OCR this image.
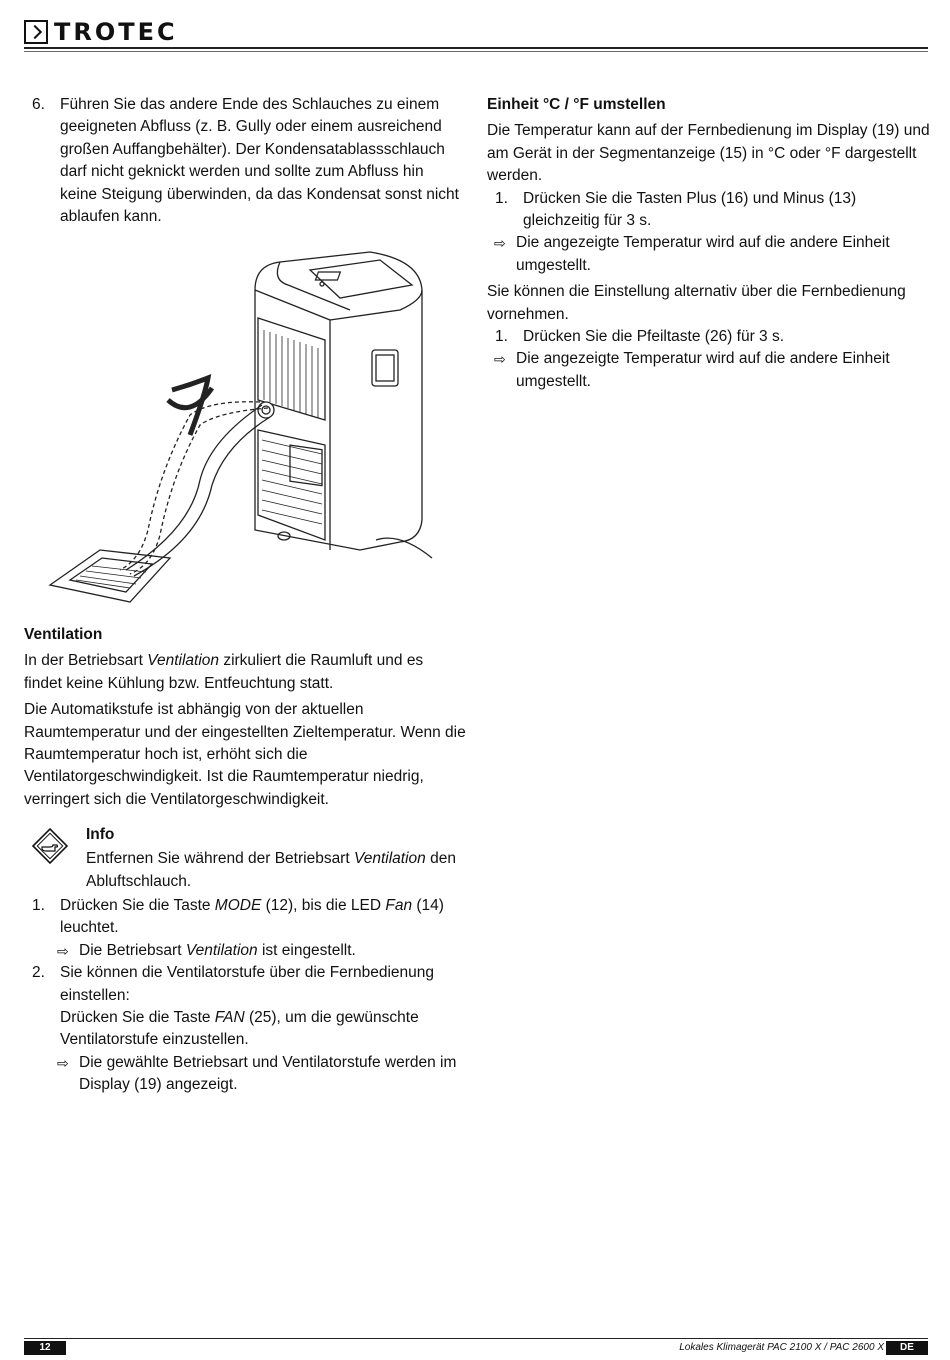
TROTEC
6. Führen Sie das andere Ende des Schlauches zu einem
geeigneten Abfluss (z. B. Gully oder einem ausreichend
großen Auffangbehälter). Der Kondensatablassschlauch
darf nicht geknickt werden und sollte zum Abfluss hin
keine Steigung überwinden, da das Kondensat sonst nicht
ablaufen kann.
Einheit °C / °F umstellen
Die Temperatur kann auf der Fernbedienung im Display (19) und
am Gerät in der Segmentanzeige (15) in °C oder °F dargestellt
werden.
1. Drücken Sie die Tasten Plus (16) und Minus (13)
gleichzeitig für 3 s.
⇨ Die angezeigte Temperatur wird auf die andere Einheit
umgestellt.
Sie können die Einstellung alternativ über die Fernbedienung
vornehmen.
1. Drücken Sie die Pfeiltaste (26) für 3 s.
⇨ Die angezeigte Temperatur wird auf die andere Einheit
umgestellt.
Ventilation
In der Betriebsart Ventilation zirkuliert die Raumluft und es
findet keine Kühlung bzw. Entfeuchtung statt.
Die Automatikstufe ist abhängig von der aktuellen
Raumtemperatur und der eingestellten Zieltemperatur. Wenn die
Raumtemperatur hoch ist, erhöht sich die
Ventilatorgeschwindigkeit. Ist die Raumtemperatur niedrig,
verringert sich die Ventilatorgeschwindigkeit.
Info
Entfernen Sie während der Betriebsart Ventilation den
Abluftschlauch.
1. Drücken Sie die Taste MODE (12), bis die LED Fan (14)
leuchtet.
⇨ Die Betriebsart Ventilation ist eingestellt.
2. Sie können die Ventilatorstufe über die Fernbedienung
einstellen:
Drücken Sie die Taste FAN (25), um die gewünschte
Ventilatorstufe einzustellen.
⇨ Die gewählte Betriebsart und Ventilatorstufe werden im
Display (19) angezeigt.
12	Lokales Klimagerät PAC 2100 X / PAC 2600 X	DE
